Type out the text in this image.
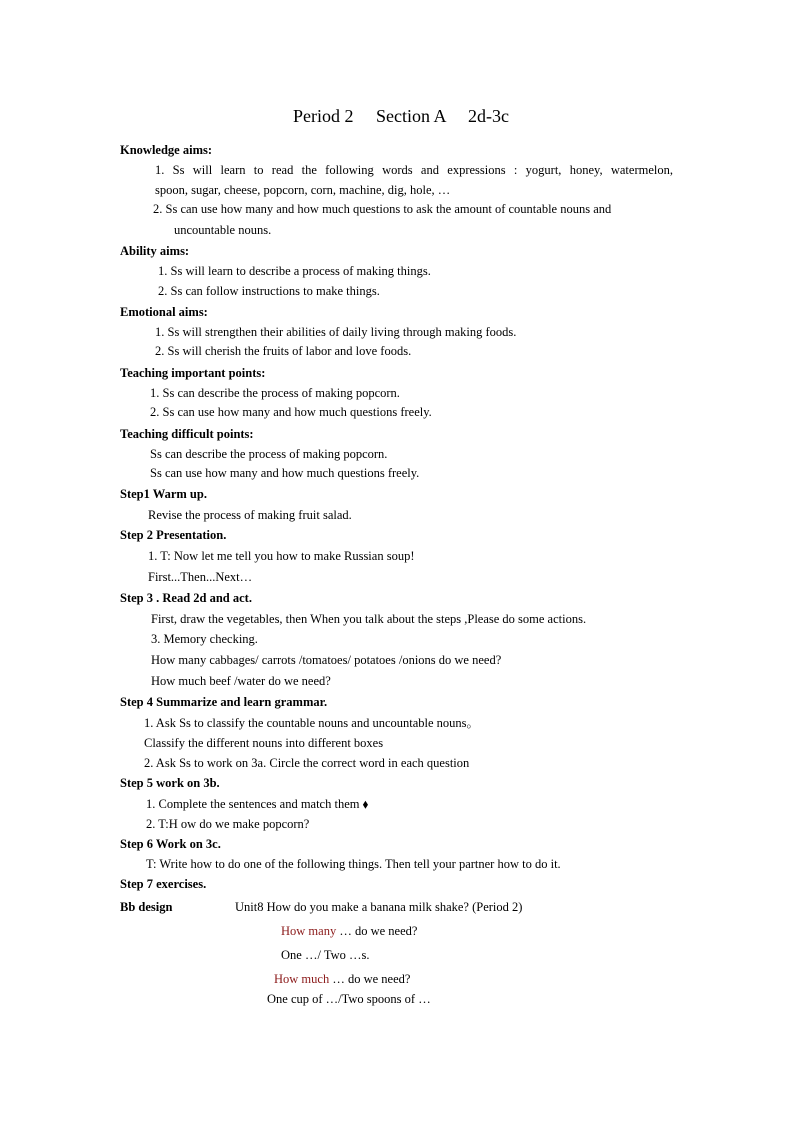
Period 2     Section A     2d-3c
Knowledge aims:
1. Ss will learn to read the following words and expressions : yogurt, honey, watermelon,
spoon, sugar, cheese, popcorn, corn, machine, dig, hole, …
2. Ss can use how many and how much questions to ask the amount of countable nouns and
uncountable nouns.
Ability aims:
1. Ss will learn to describe a process of making things.
2. Ss can follow instructions to make things.
Emotional aims:
1. Ss will strengthen their abilities of daily living through making foods.
2. Ss will cherish the fruits of labor and love foods.
Teaching important points:
1. Ss can describe the process of making popcorn.
2. Ss can use how many and how much questions freely.
Teaching difficult points:
Ss can describe the process of making popcorn.
Ss can use how many and how much questions freely.
Step1 Warm up.
Revise the process of making fruit salad.
Step 2 Presentation.
1. T: Now let me tell you how to make Russian soup!
First...Then...Next…
Step 3 . Read 2d and act.
First, draw the vegetables, then When you talk about the steps ,Please do some actions.
3. Memory checking.
How many cabbages/ carrots /tomatoes/ potatoes /onions do we need?
How much beef /water do we need?
Step 4 Summarize and learn grammar.
1. Ask Ss to classify the countable nouns and uncountable nouns。
Classify the different nouns into different boxes
2. Ask Ss to work on 3a. Circle the correct word in each question
Step 5 work on 3b.
1. Complete the sentences and match them ⬧
2. T:H ow do we make popcorn?
Step 6 Work on 3c.
T: Write how to do one of the following things. Then tell your partner how to do it.
Step 7 exercises.
Bb design	Unit8 How do you make a banana milk shake? (Period 2)
How many … do we need?
One …/ Two …s.
How much … do we need?
One cup of …/Two spoons of …
